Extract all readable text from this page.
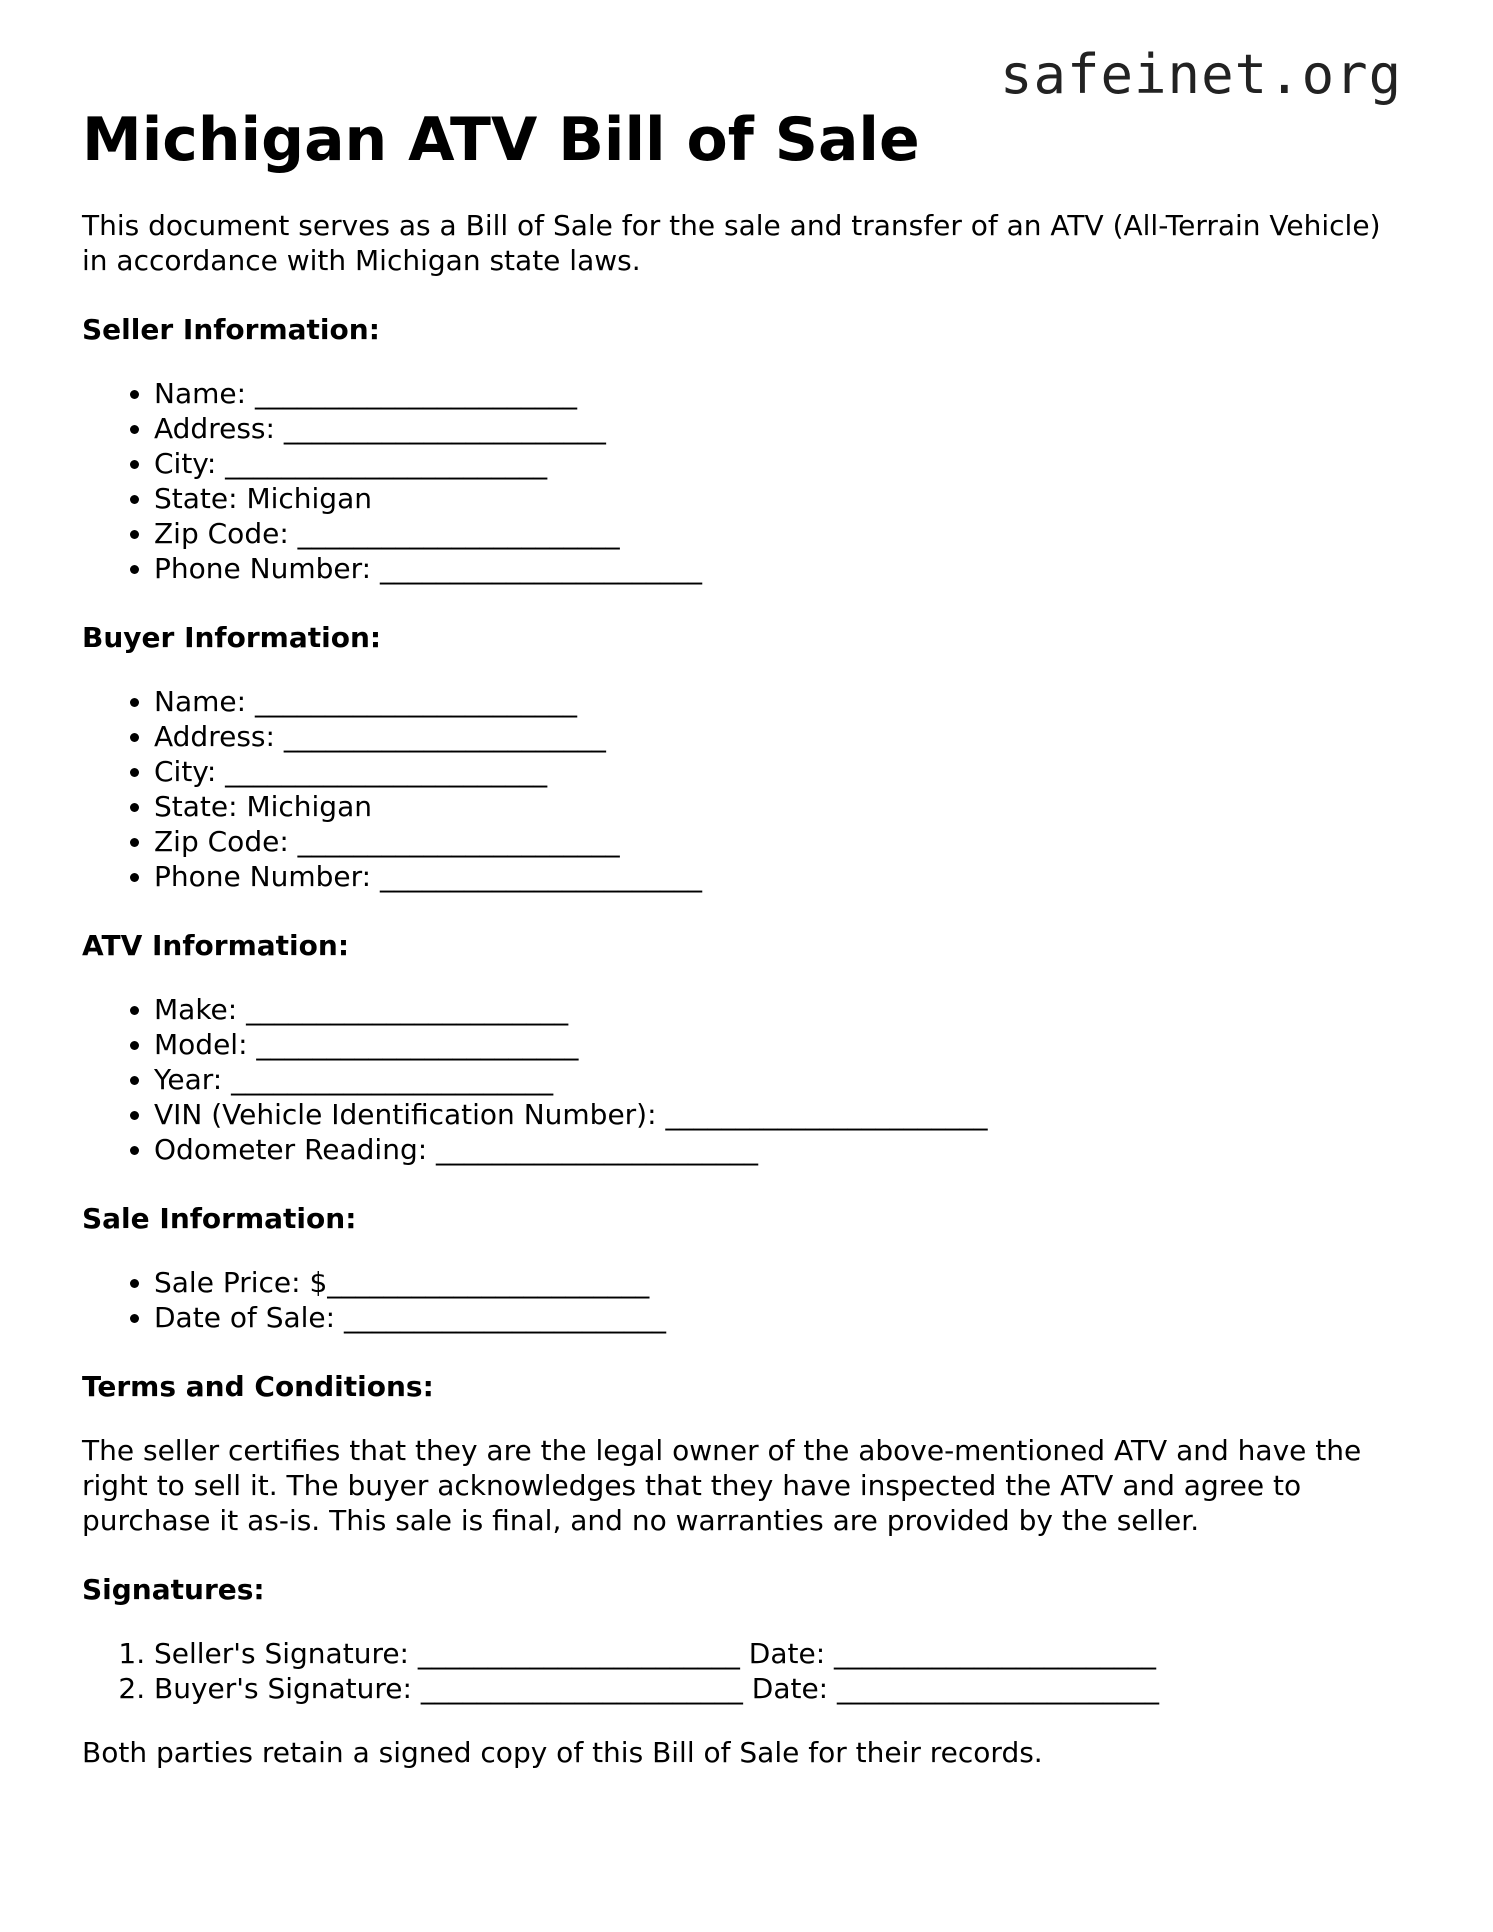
safeinet.org
Michigan ATV Bill of Sale

This document serves as a Bill of Sale for the sale and transfer of an ATV (All-Terrain Vehicle) in accordance with Michigan state laws.

Seller Information:
• Name: _______________________
• Address: _______________________
• City: _______________________
• State: Michigan
• Zip Code: _______________________
• Phone Number: _______________________
Buyer Information:
• Name: _______________________
• Address: _______________________
• City: _______________________
• State: Michigan
• Zip Code: _______________________
• Phone Number: _______________________
ATV Information:
• Make: _______________________
• Model: _______________________
• Year: _______________________
• VIN (Vehicle Identification Number): _______________________
• Odometer Reading: _______________________
Sale Information:
• Sale Price: $_______________________
• Date of Sale: _______________________
Terms and Conditions:

The seller certifies that they are the legal owner of the above-mentioned ATV and have the right to sell it. The buyer acknowledges that they have inspected the ATV and agree to purchase it as-is. This sale is final, and no warranties are provided by the seller.

Signatures:
1. Seller's Signature: _______________________ Date: _______________________
2. Buyer's Signature: _______________________ Date: _______________________

Both parties retain a signed copy of this Bill of Sale for their records.
